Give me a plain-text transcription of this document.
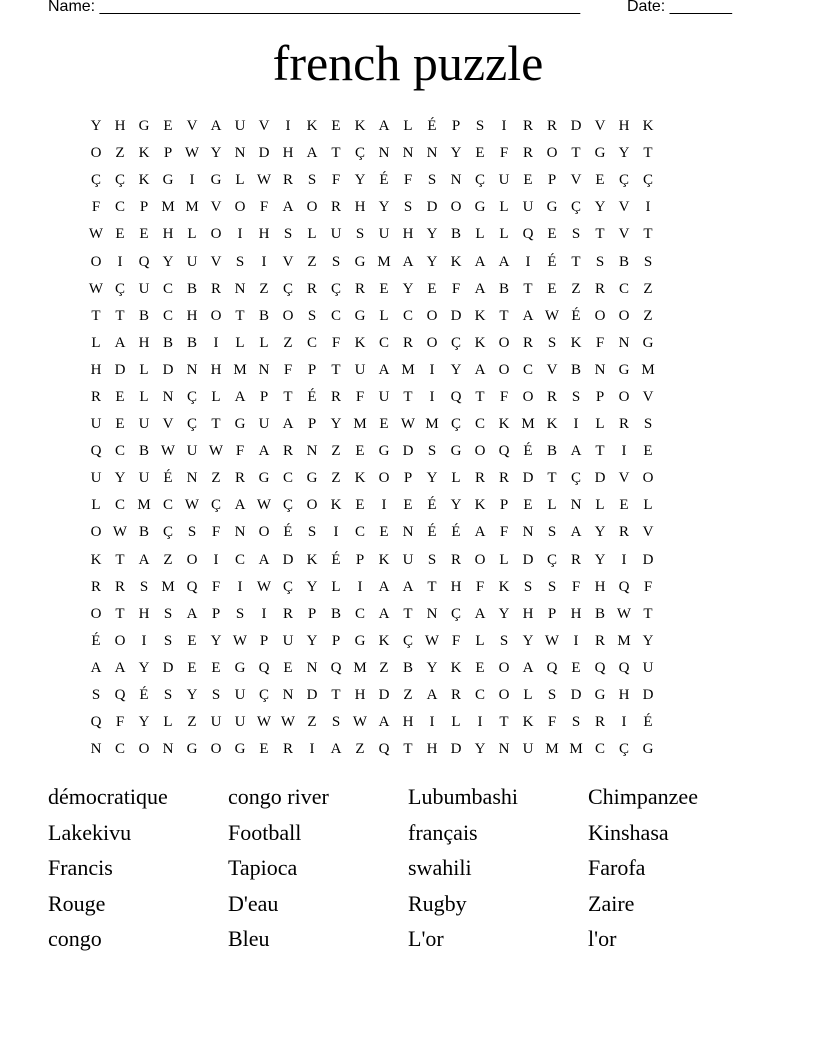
Name: ______________________________________________________	Date: _______
french puzzle
Y H G E V A U V	I	K E K A L É	P	S	I	R R D V H K
O Z K P W Y N D H A T Ç N N N Y E	F R O T G Y T
Ç Ç K G	I	G L W R S	F Y É	F	S N Ç U E	P V E Ç Ç
F C P M M V O F A O R H Y S D O G L U G Ç Y V	I
W E E H L O	I	H S	L U S U H Y B L L Q E	S	T V T
O	I	Q Y U V S	I	V Z	S G M A Y K A A	I	É T	S B S
W Ç U C B R N Z Ç R Ç R E Y E	F A B T E Z R C Z
T T B C H O T B O S C G L C O D K T A W É O O Z
L A H B B	I	L L Z C F K C R O Ç K O R S K F N G
H D L D N H M N F	P	T U A M I	Y A O C V B N G M
R E L N Ç L A P	T É R F U T	I	Q T	F O R S	P O V
U E U V Ç T G U A P Y M E W M Ç C K M K	I	L R S
Q C B W U W F A R N Z E G D S G O Q É B A T	I	E
U Y U É N Z R G C G Z K O P Y L R R D T Ç D V O
L C M C W Ç A W Ç O K E	I	E É Y K P	E L N L E L
O W B Ç S	F N O É	S	I	C E N É É A F N S A Y R V
K T A Z O	I	C A D K É	P K U S R O L D Ç R Y	I	D
R R S M Q F	I W Ç Y L	I	A A T H F K S	S	F H Q F
O T H S A P	S	I	R P B C A T N Ç A Y H P H B W T
É O	I	S	E Y W P U Y P G K Ç W F	L	S Y W I	R M Y
A A Y D E E G Q E N Q M Z B Y K E O A Q E Q Q U
S Q É	S Y S U Ç N D T H D Z A R C O L	S D G H D
Q F Y L Z U U W W Z	S W A H	I	L	I	T K F	S R	I	É
N C O N G O G E R	I	A Z Q T H D Y N U M M C Ç G
démocratique	congo river	Lubumbashi	Chimpanzee
Lakekivu	Football	français	Kinshasa
Francis	Tapioca	swahili	Farofa
Rouge	D'eau	Rugby	Zaire
congo	Bleu	L'or	l'or
